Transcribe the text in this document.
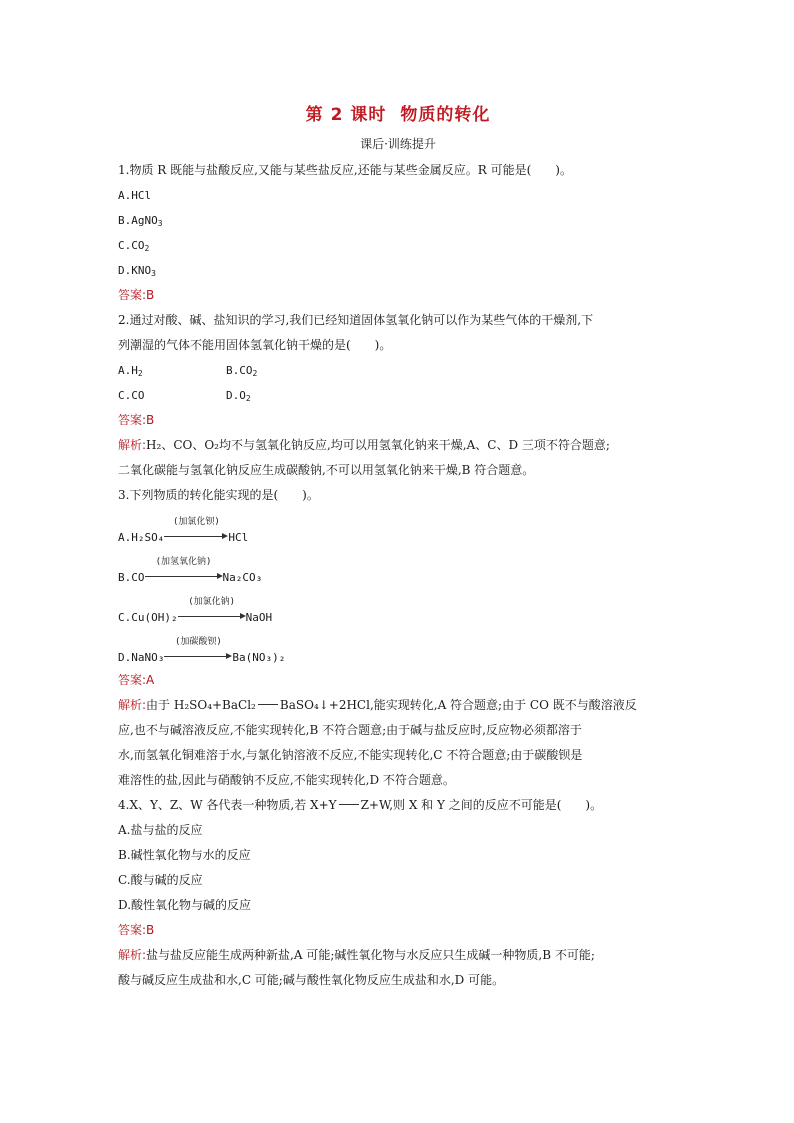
第 2 课时 物质的转化
课后·训练提升
1.物质 R 既能与盐酸反应,又能与某些盐反应,还能与某些金属反应。R 可能是(　　)。
A.HCl
B.AgNO$_3$
$C.CO_2$
$D.KNO_3$
答案:B
2.通过对酸、碱、盐知识的学习,我们已经知道固体氢氧化钠可以作为某些气体的干燥剂,下
列潮湿的气体不能用固体氢氧化钠干燥的是(　　)。
$A.H_2$	$B.CO_2$
C.CO	$D.O_2$
答案:B
解析:H₂、CO、O₂均不与氢氧化钠反应,均可以用氢氧化钠来干燥,A、C、D 三项不符合题意;
二氧化碳能与氢氧化钠反应生成碳酸钠,不可以用氢氧化钠来干燥,B 符合题意。
3.下列物质的转化能实现的是(　　)。
A.H₂SO₄
(加氯化钡)
HCl
B.CO
(加氢氧化钠)
Na₂CO₃
C.Cu(OH)₂
(加氯化钠)
NaOH
D.NaNO₃
(加碳酸钡)
Ba(NO₃)₂
答案:A
解析:由于 H₂SO₄+BaCl₂ BaSO₄↓+2HCl,能实现转化,A 符合题意;由于 CO 既不与酸溶液反
应,也不与碱溶液反应,不能实现转化,B 不符合题意;由于碱与盐反应时,反应物必须都溶于
水,而氢氧化铜难溶于水,与氯化钠溶液不反应,不能实现转化,C 不符合题意;由于碳酸钡是
难溶性的盐,因此与硝酸钠不反应,不能实现转化,D 不符合题意。
4.X、Y、Z、W 各代表一种物质,若 X+Y Z+W,则 X 和 Y 之间的反应不可能是(　　)。
A.盐与盐的反应
B.碱性氧化物与水的反应
C.酸与碱的反应
D.酸性氧化物与碱的反应
答案:B
解析:盐与盐反应能生成两种新盐,A 可能;碱性氧化物与水反应只生成碱一种物质,B 不可能;
酸与碱反应生成盐和水,C 可能;碱与酸性氧化物反应生成盐和水,D 可能。
